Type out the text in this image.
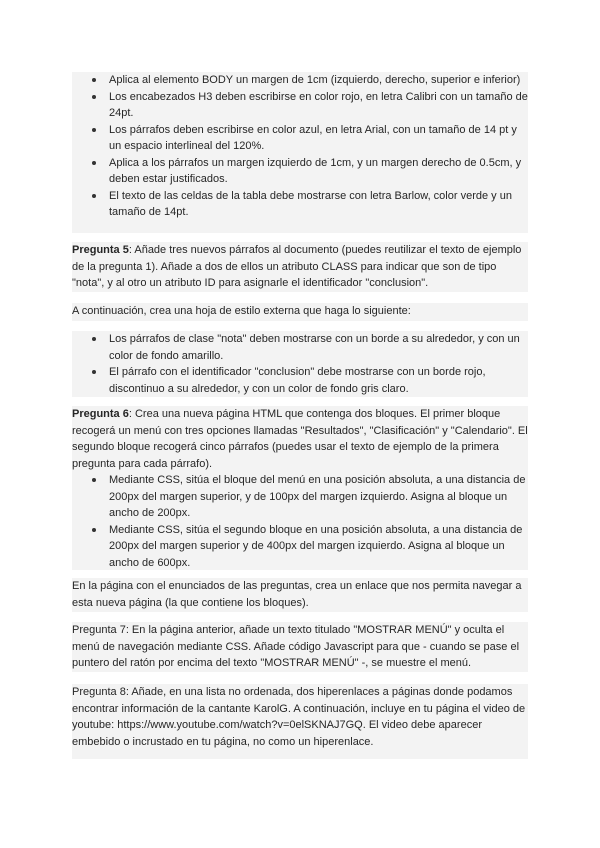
Aplica al elemento BODY un margen de 1cm (izquierdo, derecho, superior e inferior)
Los encabezados H3 deben escribirse en color rojo, en letra Calibri con un tamaño de 24pt.
Los párrafos deben escribirse en color azul, en letra Arial, con un tamaño de 14 pt y un espacio interlineal del 120%.
Aplica a los párrafos un margen izquierdo de 1cm, y un margen derecho de 0.5cm, y deben estar justificados.
El texto de las celdas de la tabla debe mostrarse con letra Barlow, color verde y un tamaño de 14pt.

Pregunta 5: Añade tres nuevos párrafos al documento (puedes reutilizar el texto de ejemplo de la pregunta 1). Añade a dos de ellos un atributo CLASS para indicar que son de tipo "nota", y al otro un atributo ID para asignarle el identificador "conclusion".

A continuación, crea una hoja de estilo externa que haga lo siguiente:

Los párrafos de clase "nota" deben mostrarse con un borde a su alrededor, y con un color de fondo amarillo.
El párrafo con el identificador "conclusion" debe mostrarse con un borde rojo, discontinuo a su alrededor, y con un color de fondo gris claro.

Pregunta 6: Crea una nueva página HTML que contenga dos bloques. El primer bloque recogerá un menú con tres opciones llamadas "Resultados", "Clasificación" y "Calendario". El segundo bloque recogerá cinco párrafos (puedes usar el texto de ejemplo de la primera pregunta para cada párrafo).

Mediante CSS, sitúa el bloque del menú en una posición absoluta, a una distancia de 200px del margen superior, y de 100px del margen izquierdo. Asigna al bloque un ancho de 200px.
Mediante CSS, sitúa el segundo bloque en una posición absoluta, a una distancia de 200px del margen superior y de 400px del margen izquierdo. Asigna al bloque un ancho de 600px.

En la página con el enunciados de las preguntas, crea un enlace que nos permita navegar a esta nueva página (la que contiene los bloques).

Pregunta 7: En la página anterior, añade un texto titulado "MOSTRAR MENÚ" y oculta el menú de navegación mediante CSS. Añade código Javascript para que - cuando se pase el puntero del ratón por encima del texto "MOSTRAR MENÚ" -, se muestre el menú.

Pregunta 8: Añade, en una lista no ordenada, dos hiperenlaces a páginas donde podamos encontrar información de la cantante KarolG. A continuación, incluye en tu página el video de youtube: https://www.youtube.com/watch?v=0elSKNAJ7GQ. El video debe aparecer embebido o incrustado en tu página, no como un hiperenlace.
